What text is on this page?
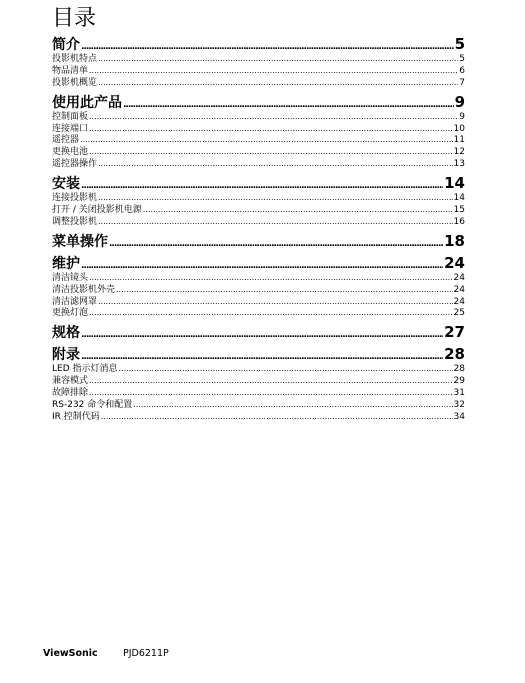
目录
简介 .....	5
投影机特点 .....	5
物品清单 .....	6
投影机概览 .....	7
使用此产品 .....	9
控制面板 .....	9
连接端口 .....	10
遥控器 .....	11
更换电池 .....	12
遥控器操作 .....	13
安装 .....	14
连接投影机 .....	14
打开 / 关闭投影机电源 .....	15
调整投影机 .....	16
菜单操作 .....	18
维护 .....	24
清洁镜头 .....	24
清洁投影机外壳 .....	24
清洁滤网罩 .....	24
更换灯泡 .....	25
规格 .....	27
附录 .....	28
LED 指示灯消息 .....	28
兼容模式 .....	29
故障排除 .....	31
RS-232 命令和配置 .....	32
IR 控制代码 .....	34
ViewSonic	PJD6211P
